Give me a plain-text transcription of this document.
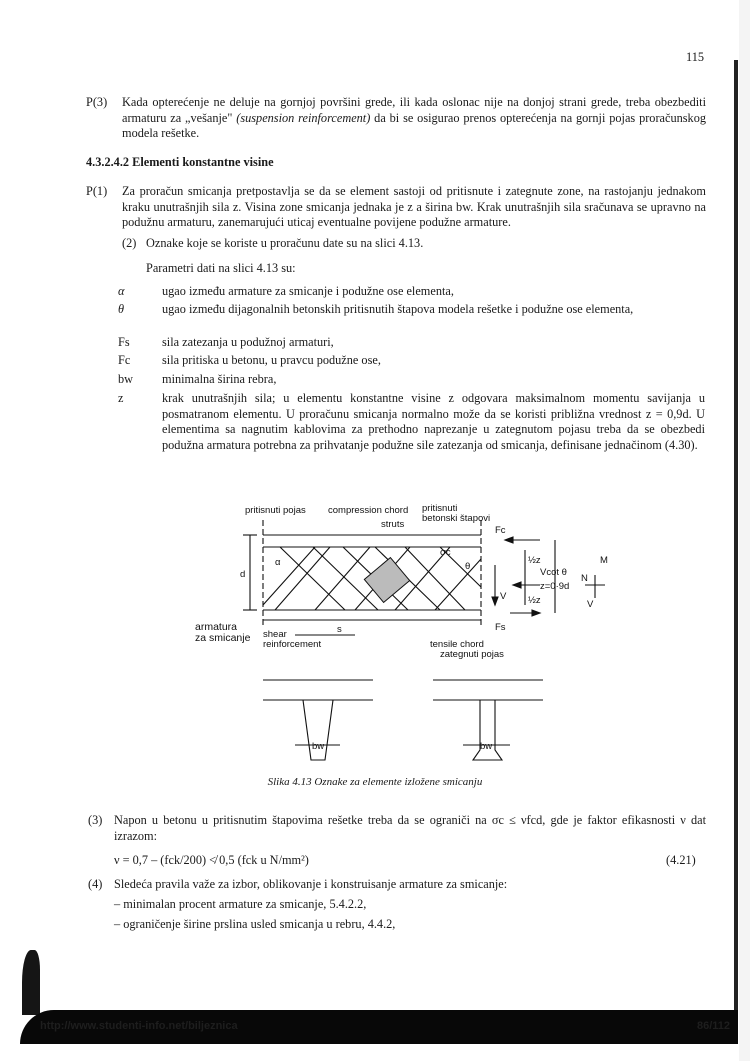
115
P(3) Kada opterećenje ne deluje na gornjoj površini grede, ili kada oslonac nije na donjoj strani grede, treba obezbediti armaturu za „vešanje" (suspension reinforcement) da bi se osigurao prenos opterećenja na gornji pojas proračunskog modela rešetke.
4.3.2.4.2 Elementi konstantne visine
P(1) Za proračun smicanja pretpostavlja se da se element sastoji od pritisnute i zategnute zone, na rastojanju jednakom kraku unutrašnjih sila z. Visina zone smicanja jednaka je z a širina bw. Krak unutrašnjih sila sračunava se upravno na podužnu armaturu, zanemarujući uticaj eventualne povijene podužne armature.
(2) Oznake koje se koriste u proračunu date su na slici 4.13.
Parametri dati na slici 4.13 su:
α	ugao između armature za smicanje i podužne ose elementa,
θ	ugao između dijagonalnih betonskih pritisnutih štapova modela rešetke i podužne ose elementa,
Fs	sila zatezanja u podužnoj armaturi,
Fc	sila pritiska u betonu, u pravcu podužne ose,
bw minimalna širina rebra,
z	krak unutrašnjih sila; u elementu konstantne visine z odgovara maksimalnom momentu savijanja u posmatranom elementu. U proračunu smicanja normalno može da se koristi približna vrednost z = 0,9d. U elementima sa nagnutim kablovima za prethodno naprezanje u zategnutom pojasu treba da se obezbedi podužna armatura potrebna za prihvatanje podužne sile zatezanja od smicanja, definisane jednačinom (4.30).
pritisnuti pojas compression chord pritisnuti
betonski štapovi
struts
Fc
Fs
d
α	θ
σc
½z
½z
Vcot θ
z=0·9d
V
N
M
V
s
armatura
za smicanje shear
reinforcement	tensile chord
zategnuti pojas
bw	bw
Slika 4.13 Oznake za elemente izložene smicanju
(3) Napon u betonu u pritisnutim štapovima rešetke treba da se ograniči na σc ≤ νfcd, gde je faktor efikasnosti ν dat izrazom:
ν = 0,7 – (fck/200) ≮ 0,5 (fck u N/mm²)	(4.21)
(4) Sledeća pravila važe za izbor, oblikovanje i konstruisanje armature za smicanje:
– minimalan procent armature za smicanje, 5.4.2.2,
– ograničenje širine prslina usled smicanja u rebru, 4.4.2,
http://www.studenti-info.net/biljeznica	86/112
